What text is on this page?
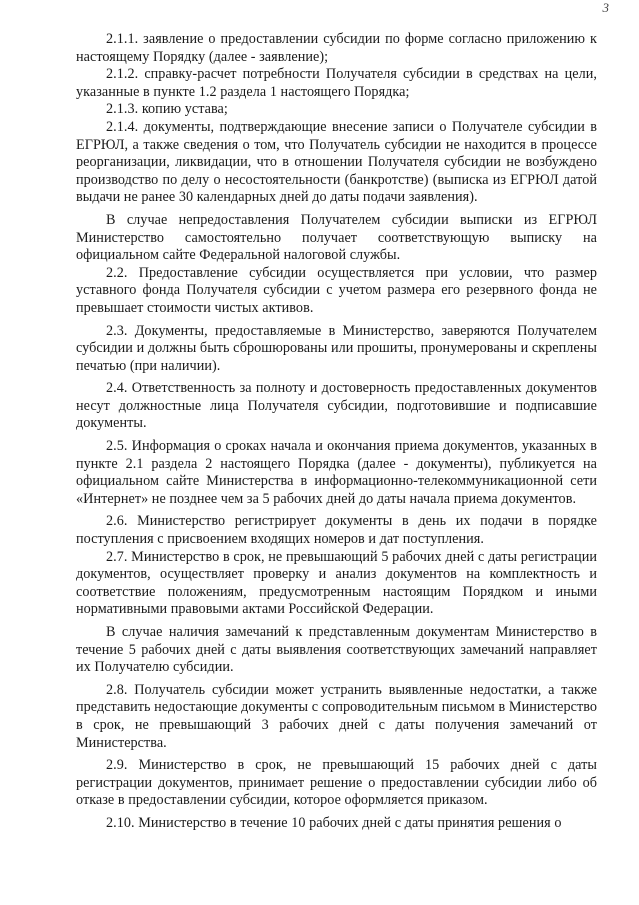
3

2.1.1. заявление о предоставлении субсидии по форме согласно приложению к настоящему Порядку (далее - заявление);

2.1.2. справку-расчет потребности Получателя субсидии в средствах на цели, указанные в пункте 1.2 раздела 1 настоящего Порядка;

2.1.3. копию устава;

2.1.4. документы, подтверждающие внесение записи о Получателе субсидии в ЕГРЮЛ, а также сведения о том, что Получатель субсидии не находится в процессе реорганизации, ликвидации, что в отношении Получателя субсидии не возбуждено производство по делу о несостоятельности (банкротстве) (выписка из ЕГРЮЛ датой выдачи не ранее 30 календарных дней до даты подачи заявления).

В случае непредоставления Получателем субсидии выписки из ЕГРЮЛ Министерство самостоятельно получает соответствующую выписку на официальном сайте Федеральной налоговой службы.

2.2. Предоставление субсидии осуществляется при условии, что размер уставного фонда Получателя субсидии с учетом размера его резервного фонда не превышает стоимости чистых активов.

2.3. Документы, предоставляемые в Министерство, заверяются Получателем субсидии и должны быть сброшюрованы или прошиты, пронумерованы и скреплены печатью (при наличии).

2.4. Ответственность за полноту и достоверность предоставленных документов несут должностные лица Получателя субсидии, подготовившие и подписавшие документы.

2.5. Информация о сроках начала и окончания приема документов, указанных в пункте 2.1 раздела 2 настоящего Порядка (далее - документы), публикуется на официальном сайте Министерства в информационно-телекоммуникационной сети «Интернет» не позднее чем за 5 рабочих дней до даты начала приема документов.

2.6. Министерство регистрирует документы в день их подачи в порядке поступления с присвоением входящих номеров и дат поступления.

2.7. Министерство в срок, не превышающий 5 рабочих дней с даты регистрации документов, осуществляет проверку и анализ документов на комплектность и соответствие положениям, предусмотренным настоящим Порядком и иными нормативными правовыми актами Российской Федерации.

В случае наличия замечаний к представленным документам Министерство в течение 5 рабочих дней с даты выявления соответствующих замечаний направляет их Получателю субсидии.

2.8. Получатель субсидии может устранить выявленные недостатки, а также представить недостающие документы с сопроводительным письмом в Министерство в срок, не превышающий 3 рабочих дней с даты получения замечаний от Министерства.

2.9. Министерство в срок, не превышающий 15 рабочих дней с даты регистрации документов, принимает решение о предоставлении субсидии либо об отказе в предоставлении субсидии, которое оформляется приказом.

2.10. Министерство в течение 10 рабочих дней с даты принятия решения о
